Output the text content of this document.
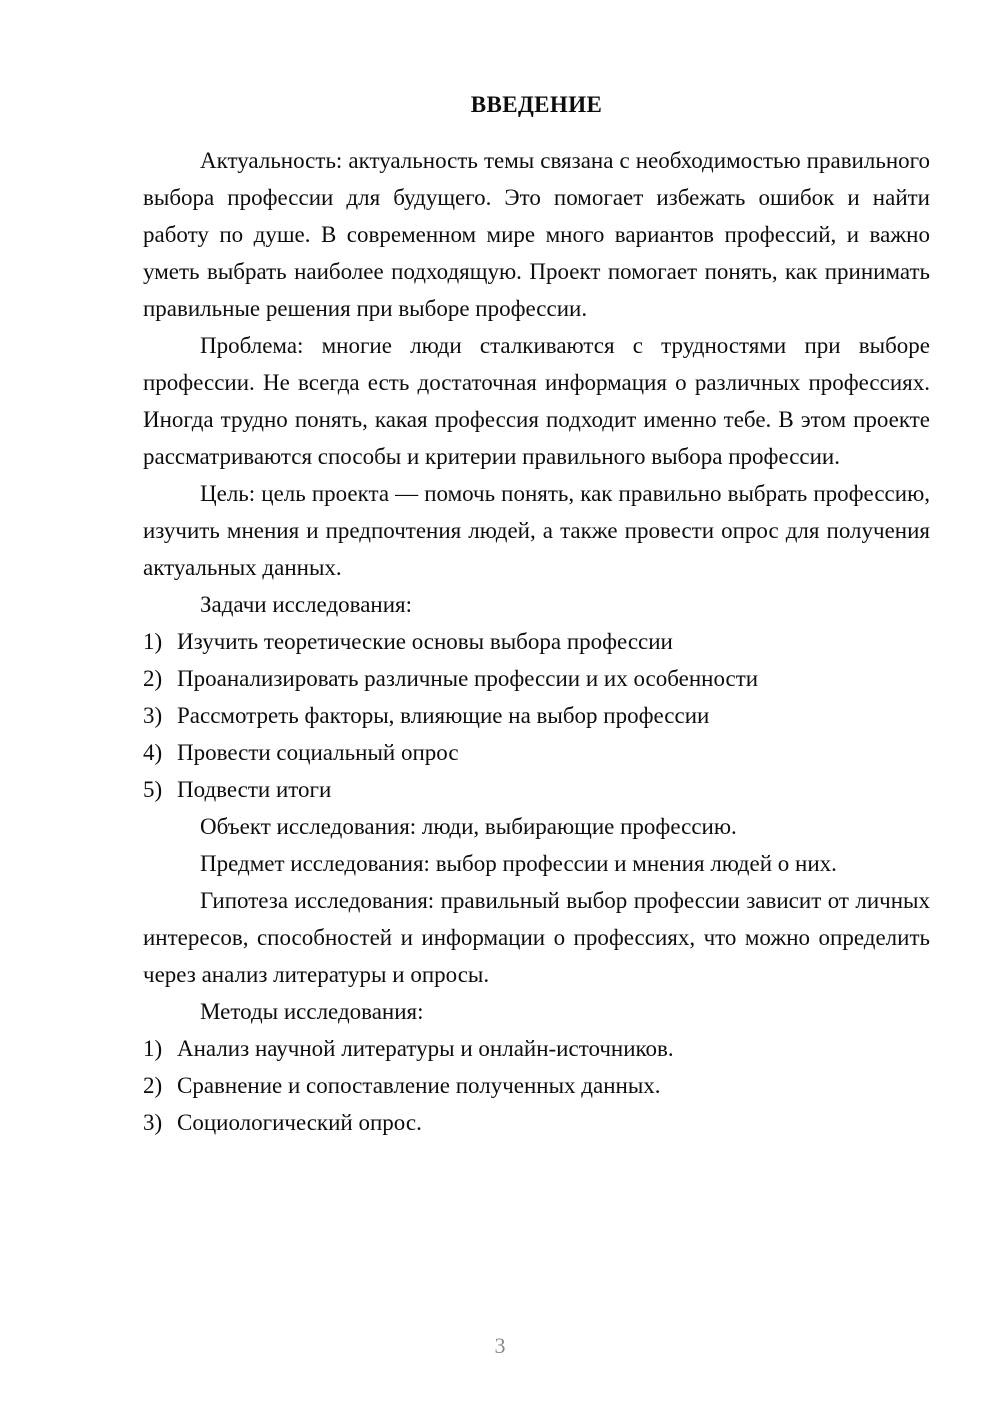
ВВЕДЕНИЕ

Актуальность: актуальность темы связана с необходимостью правильного выбора профессии для будущего. Это помогает избежать ошибок и найти работу по душе. В современном мире много вариантов профессий, и важно уметь выбрать наиболее подходящую. Проект помогает понять, как принимать правильные решения при выборе профессии.

Проблема: многие люди сталкиваются с трудностями при выборе профессии. Не всегда есть достаточная информация о различных профессиях. Иногда трудно понять, какая профессия подходит именно тебе. В этом проекте рассматриваются способы и критерии правильного выбора профессии.

Цель: цель проекта — помочь понять, как правильно выбрать профессию, изучить мнения и предпочтения людей, а также провести опрос для получения актуальных данных.

Задачи исследования:

1) Изучить теоретические основы выбора профессии
2) Проанализировать различные профессии и их особенности
3) Рассмотреть факторы, влияющие на выбор профессии
4) Провести социальный опрос
5) Подвести итоги

Объект исследования: люди, выбирающие профессию.

Предмет исследования: выбор профессии и мнения людей о них.

Гипотеза исследования: правильный выбор профессии зависит от личных интересов, способностей и информации о профессиях, что можно определить через анализ литературы и опросы.

Методы исследования:

1) Анализ научной литературы и онлайн-источников.
2) Сравнение и сопоставление полученных данных.
3) Социологический опрос.
3
